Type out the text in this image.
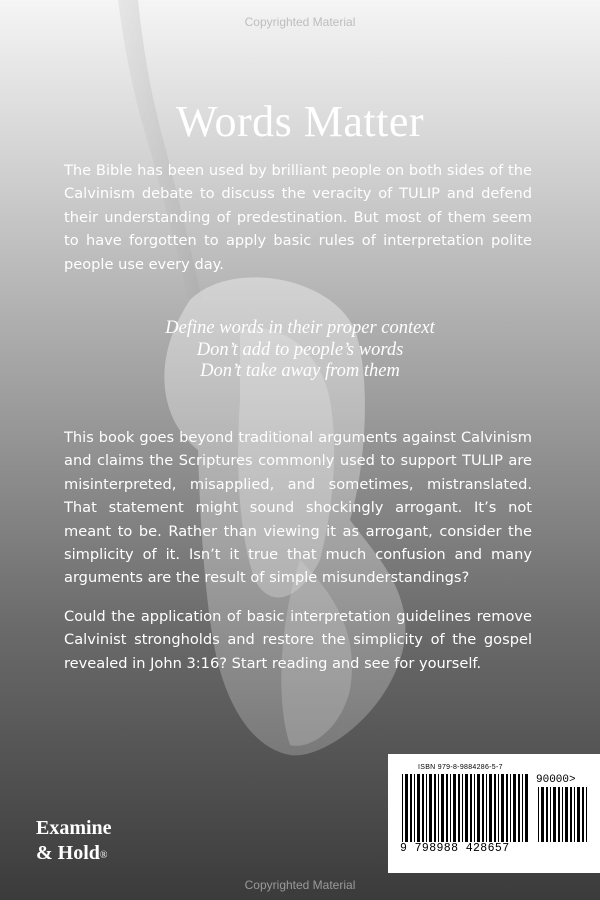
Copyrighted Material
Words Matter

The Bible has been used by brilliant people on both sides of the Calvinism debate to discuss the veracity of TULIP and defend their understanding of predestination. But most of them seem to have forgotten to apply basic rules of interpretation polite people use every day.

Define words in their proper context
Don’t add to people’s words
Don’t take away from them

This book goes beyond traditional arguments against Calvinism and claims the Scriptures commonly used to support TULIP are misinterpreted, misapplied, and sometimes, mistranslated. That statement might sound shockingly arrogant. It’s not meant to be. Rather than viewing it as arrogant, consider the simplicity of it. Isn’t it true that much confusion and many arguments are the result of simple misunderstandings?

Could the application of basic interpretation guidelines remove Calvinist strongholds and restore the simplicity of the gospel revealed in John 3:16? Start reading and see for yourself.

Examine
& Hold®
ISBN 979-8-9884286-5-7
90000>
9 798988 428657
Copyrighted Material
